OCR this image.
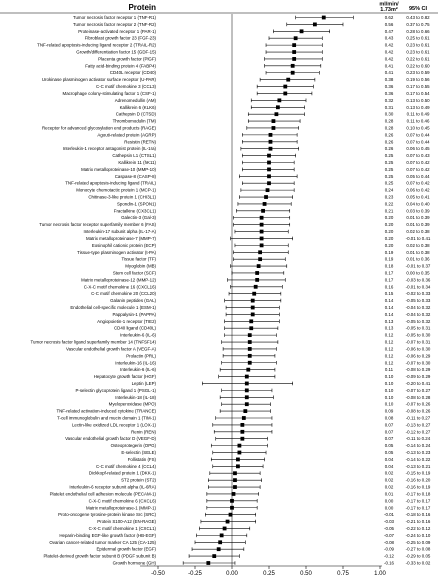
Protein	ml/min/
1.73m² 95% CI
Tumor necrosis factor receptor 1 (TNF-R1)	0.62	0.43 to 0.82
Tumor necrosis factor receptor 2 (TNF-R2)	0.56	0.37 to 0.75
Proteinase-activated receptor 1 (PAR-1)	0.47	0.28 to 0.66
Fibroblast growth factor 23 (FGF-23)	0.43	0.25 to 0.61
TNF-related apoptosis-inducing ligand receptor 2 (TRAIL-R2)	0.42	0.23 to 0.61
Growth/differentiation factor 15 (GDF-15)	0.42	0.23 to 0.61
Placenta growth factor (PlGF)	0.42	0.22 to 0.61
Fatty acid-binding protein 4 (FABP4)	0.41	0.22 to 0.60
CD40L receptor (CD40)	0.41	0.23 to 0.59
Urokinase plasminogen activator surface receptor (U-PAR)	0.38	0.19 to 0.56
C-C motif chemokine 3 (CCL3)	0.36	0.17 to 0.55
Macrophage colony-stimulating factor 1 (CSF-1)	0.36	0.17 to 0.54
Adrenomedullin (AM)	0.32	0.13 to 0.50
Kallikrein 6 (KLK6)	0.31	0.13 to 0.49
Cathepsin D (CTSD)	0.30	0.11 to 0.49
Thrombomodulin (TM)	0.28	0.11 to 0.46
Receptor for advanced glycosylation end products (RAGE)	0.28	0.10 to 0.45
Agouti-related protein (AGRP)	0.26	0.07 to 0.44
Resistin (RETN)	0.26	0.07 to 0.44
Interleukin-1 receptor antagonist protein (IL-1ra)	0.26	0.06 to 0.45
Cathepsin L1 (CTSL1)	0.25	0.07 to 0.43
Kallikrein 11 (hK11)	0.25	0.07 to 0.42
Matrix metalloproteinase-10 (MMP-10)	0.25	0.07 to 0.42
Caspase-8 (CASP-8)	0.25	0.05 to 0.44
TNF-related apoptosis-inducing ligand (TRAIL)	0.25	0.07 to 0.42
Monocyte chemotactic protein 1 (MCP-1)	0.24	0.06 to 0.42
Chitinase-3-like protein 1 (CHI3L1)	0.23	0.05 to 0.41
Spondin-1 (SPON1)	0.22	0.04 to 0.40
Fractalkine (CX3CL1)	0.21	0.03 to 0.39
Galectin-3 (Gal-3)	0.20	0.01 to 0.39
Tumor necrosis factor receptor superfamily member 6 (FAS)	0.20	0.01 to 0.39
Interleukin-17 subunit alpha (IL-17-A)	0.20	0.02 to 0.38
Matrix metalloproteinase-7 (MMP-7)	0.20	-0.01 to 0.41
Eosinophil cationic protein (ECP)	0.20	0.02 to 0.38
Tissue-type plasminogen activator (t-PA)	0.19	0.01 to 0.38
Tissue factor (TF)	0.19	0.01 to 0.36
Myoglobin (MB)	0.18	-0.01 to 0.37
Stem cell factor (SCF)	0.17	0.00 to 0.35
Matrix metalloproteinase-12 (MMP-12)	0.17	-0.03 to 0.36
C-X-C motif chemokine 16 (CXCL16)	0.16	-0.01 to 0.34
C-C motif chemokine 20 (CCL20)	0.15	-0.02 to 0.33
Galanin peptides (GAL)	0.14	-0.05 to 0.33
Endothelial cell-specific molecule 1 (ESM-1)	0.14	-0.04 to 0.32
Pappalysin-1 (PAPPA)	0.14	-0.04 to 0.32
Angiopoietin-1 receptor (TIE2)	0.13	-0.05 to 0.32
CD40 ligand (CD40L)	0.13	-0.05 to 0.31
Interleukin-6 (IL-6)	0.12	-0.05 to 0.30
Tumor necrosis factor ligand superfamily member 14 (TNFSF14)	0.12	-0.07 to 0.31
Vascular endothelial growth factor A (VEGF-A)	0.12	-0.06 to 0.30
Prolactin (PRL)	0.12	-0.06 to 0.29
Interleukin-16 (IL-16)	0.12	-0.07 to 0.30
Interleukin-6 (IL-6)	0.11	-0.08 to 0.29
Hepatocyte growth factor (HGF)	0.10	-0.09 to 0.29
Leptin (LEP)	0.10	-0.20 to 0.41
P-selectin glycoprotein ligand 1 (PSGL-1)	0.10	-0.07 to 0.27
Interleukin-18 (IL-18)	0.10	-0.08 to 0.28
Myeloperoxidase (MPO)	0.10	-0.07 to 0.26
TNF-related activation-induced cytokine (TRANCE)	0.09	-0.08 to 0.26
T-cell immunoglobulin and mucin domain 1 (TIM-1)	0.08	-0.11 to 0.27
Lectin-like oxidized LDL receptor 1 (LOX-1)	0.07	-0.13 to 0.27
Renin (REN)	0.07	-0.12 to 0.27
Vascular endothelial growth factor D (VEGF-D)	0.07	-0.11 to 0.24
Osteoprotegerin (OPG)	0.05	-0.14 to 0.24
E-selectin (SELE)	0.05	-0.13 to 0.23
Follistatin (FS)	0.04	-0.14 to 0.22
C-C motif chemokine 4 (CCL4)	0.04	-0.13 to 0.21
Dickkopf-related protein 1 (DKK-1)	0.02	-0.15 to 0.19
ST2 protein (ST2)	0.02	-0.16 to 0.20
Interleukin-6 receptor subunit alpha (IL-6RA)	0.02	-0.16 to 0.19
Platelet endothelial cell adhesion molecule (PECAM-1)	0.01	-0.17 to 0.18
C-X-C motif chemokine 6 (CXCL6)	0.00	-0.17 to 0.17
Matrix metalloproteinase-1 (MMP-1)	0.00	-0.17 to 0.17
Proto-oncogene tyrosine-protein kinase Src (SRC)	-0.01	-0.18 to 0.16
Protein S100-A12 (EN-RAGE)	-0.03	-0.21 to 0.16
C-X-C motif chemokine 1 (CXCL1)	-0.05	-0.22 to 0.12
Heparin-binding EGF-like growth factor (HB-EGF)	-0.07	-0.24 to 0.10
Ovarian cancer-related tumor marker CA 125 (CA-125)	-0.08	-0.25 to 0.09
Epidermal growth factor (EGF)	-0.09	-0.27 to 0.08
Platelet-derived growth factor subunit B (PDGF subunit B)	-0.12	-0.29 to 0.05
Growth hormone (GH)	-0.16	-0.33 to 0.02
-0.50	-0.25	0.00	0.25	0.50	0.75	1.00
